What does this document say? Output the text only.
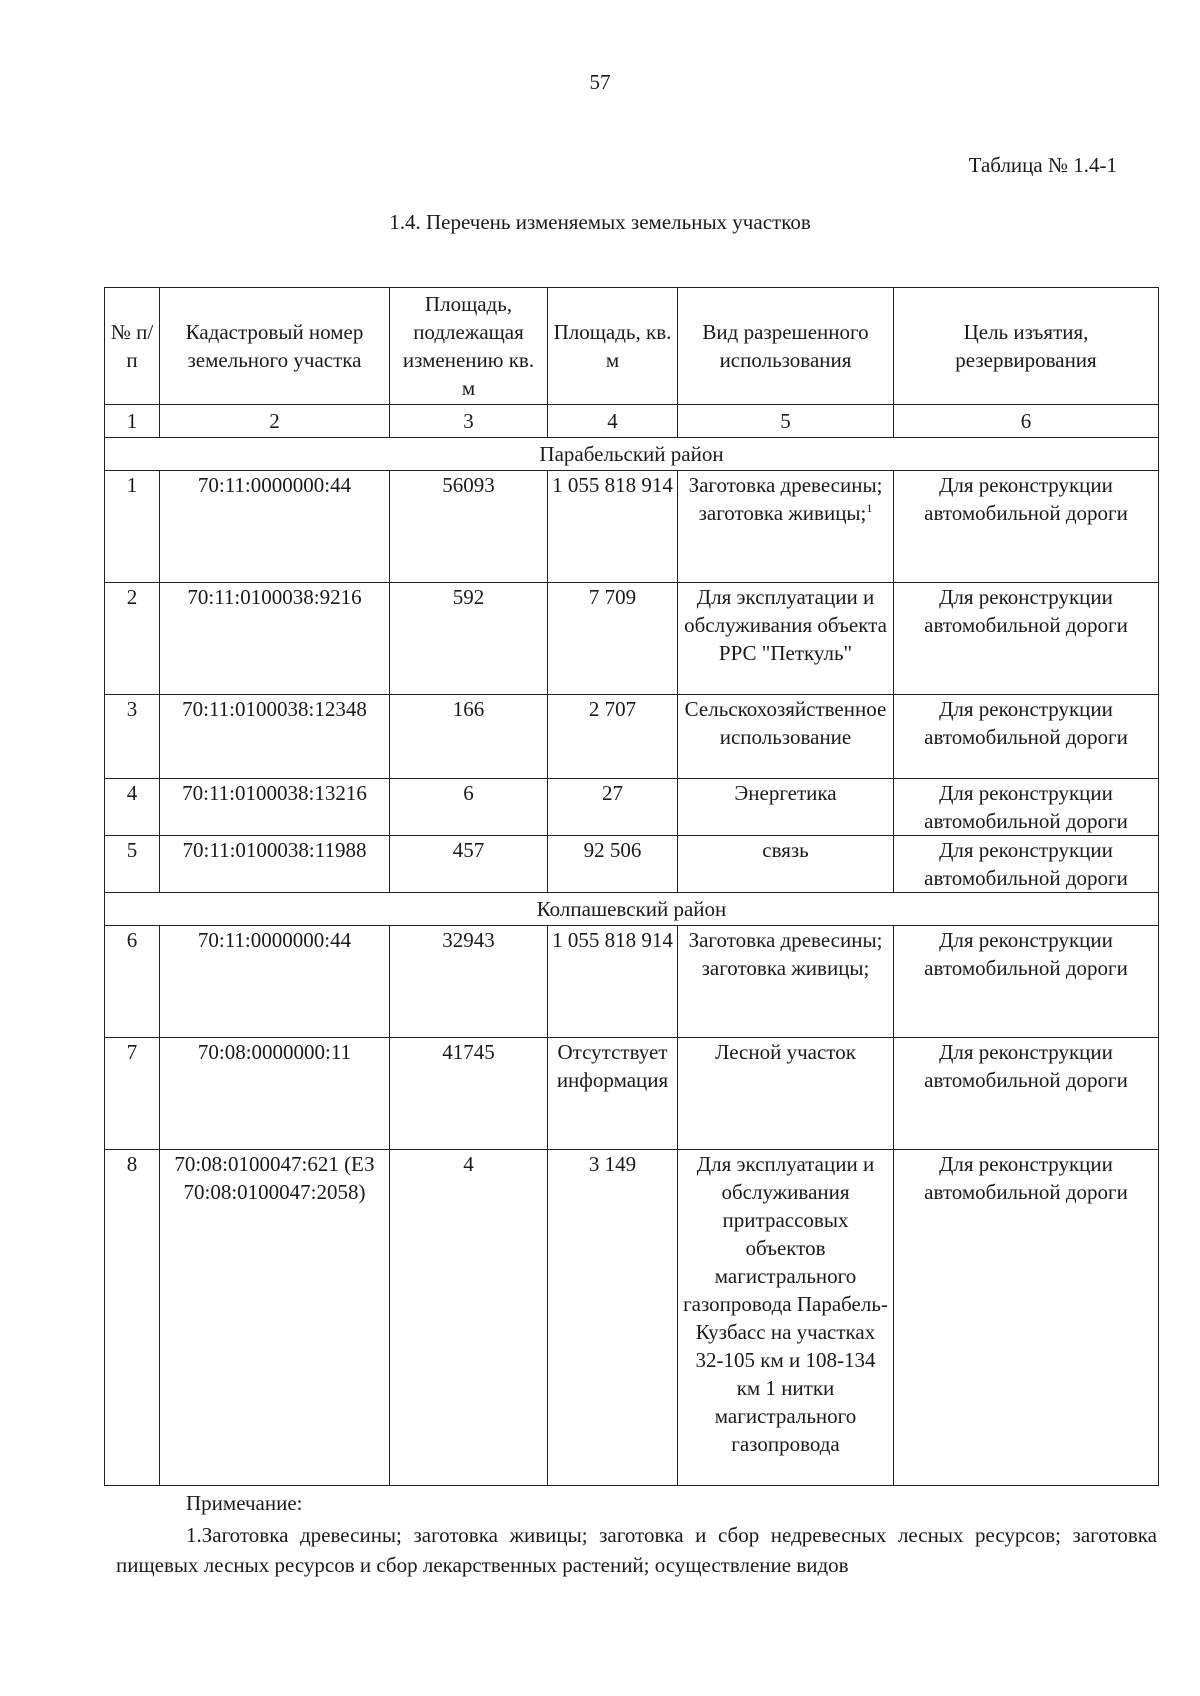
57
Таблица № 1.4-1
1.4. Перечень изменяемых земельных участков
№ п/ п	Кадастровый номер земельного участка	Площадь, подлежащая изменению кв. м	Площадь, кв. м	Вид разрешенного использования	Цель изъятия, резервирования
1	2	3	4	5	6
Парабельский район					
1	70:11:0000000:44	56093	1 055 818 914	Заготовка древесины; заготовка живицы;$^1$	Для реконструкции автомобильной дороги
2	70:11:0100038:9216	592	7 709	Для эксплуатации и обслуживания объекта РРС "Петкуль"	Для реконструкции автомобильной дороги
3	70:11:0100038:12348	166	2 707	Сельскохозяйственное использование	Для реконструкции автомобильной дороги
4	70:11:0100038:13216	6	27	Энергетика	Для реконструкции автомобильной дороги
5	70:11:0100038:11988	457	92 506	связь	Для реконструкции автомобильной дороги
Колпашевский район					
6	70:11:0000000:44	32943	1 055 818 914	Заготовка древесины; заготовка живицы;	Для реконструкции автомобильной дороги
7	70:08:0000000:11	41745	Отсутствует информация	Лесной участок	Для реконструкции автомобильной дороги
8	70:08:0100047:621 (ЕЗ 70:08:0100047:2058)	4	3 149	Для эксплуатации и обслуживания притрассовых объектов магистрального газопровода Парабель-Кузбасс на участках 32-105 км и 108-134 км 1 нитки магистрального газопровода	Для реконструкции автомобильной дороги
Примечание:
1.Заготовка древесины; заготовка живицы; заготовка и сбор недревесных лесных ресурсов; заготовка пищевых лесных ресурсов и сбор лекарственных растений; осуществление видов
